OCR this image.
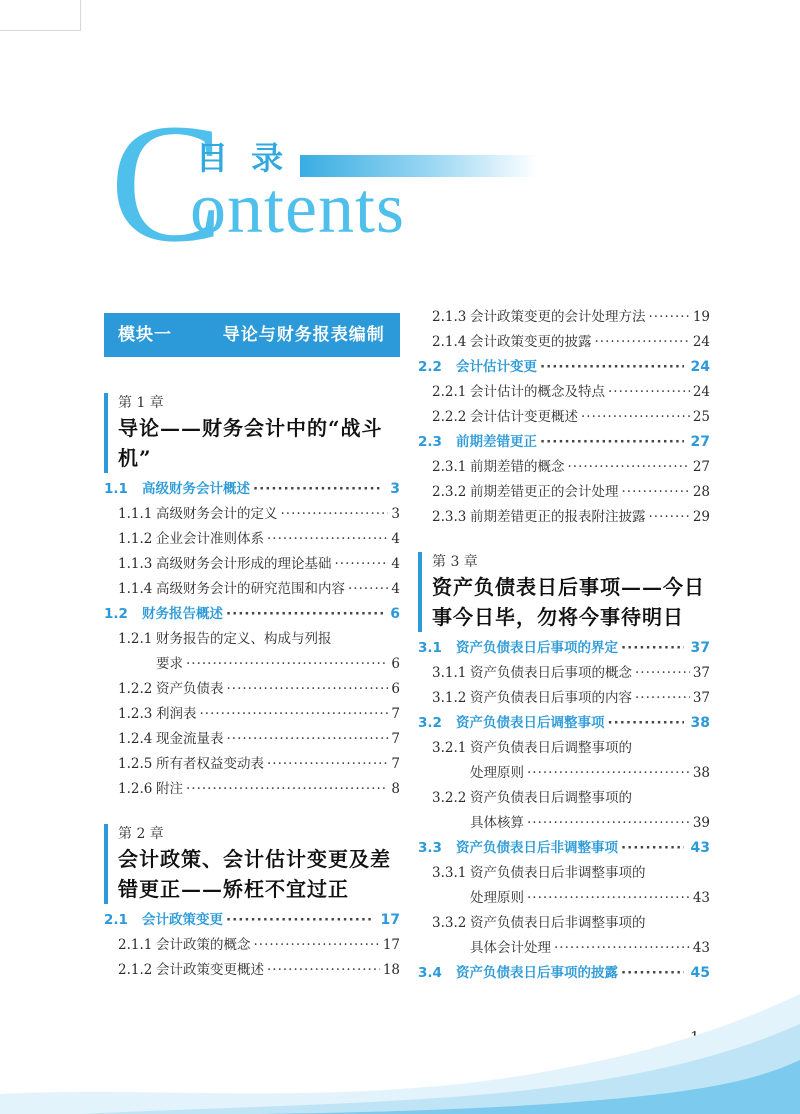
C
目 录
ontents
模块一   导论与财务报表编制
第 1 章
导论——财务会计中的“战斗机”
1.1	高级财务会计概述 ·····	3
1.1.1 高级财务会计的定义 ·····	3
1.1.2 企业会计准则体系 ·····	4
1.1.3 高级财务会计形成的理论基础 ·····	4
1.1.4 高级财务会计的研究范围和内容 ·····	4
1.2	财务报告概述 ·····	6
1.2.1 财务报告的定义、构成与列报
要求 ·····	6
1.2.2 资产负债表 ·····	6
1.2.3 利润表 ·····	7
1.2.4 现金流量表 ·····	7
1.2.5 所有者权益变动表 ·····	7
1.2.6 附注 ·····	8
第 2 章
会计政策、会计估计变更及差错更正——矫枉不宜过正
2.1	会计政策变更 ·····	17
2.1.1 会计政策的概念 ·····	17
2.1.2 会计政策变更概述 ·····	18
2.1.3 会计政策变更的会计处理方法 ·····	19
2.1.4 会计政策变更的披露 ·····	24
2.2	会计估计变更 ·····	24
2.2.1 会计估计的概念及特点 ·····	24
2.2.2 会计估计变更概述 ·····	25
2.3	前期差错更正 ·····	27
2.3.1 前期差错的概念 ·····	27
2.3.2 前期差错更正的会计处理 ·····	28
2.3.3 前期差错更正的报表附注披露 ·····	29
第 3 章
资产负债表日后事项——今日事今日毕，勿将今事待明日
3.1	资产负债表日后事项的界定 ·····	37
3.1.1 资产负债表日后事项的概念 ·····	37
3.1.2 资产负债表日后事项的内容 ·····	37
3.2	资产负债表日后调整事项 ·····	38
3.2.1 资产负债表日后调整事项的
处理原则 ·····	38
3.2.2 资产负债表日后调整事项的
具体核算 ·····	39
3.3	资产负债表日后非调整事项 ·····	43
3.3.1 资产负债表日后非调整事项的
处理原则 ·····	43
3.3.2 资产负债表日后非调整事项的
具体会计处理 ·····	43
3.4	资产负债表日后事项的披露 ·····	45
